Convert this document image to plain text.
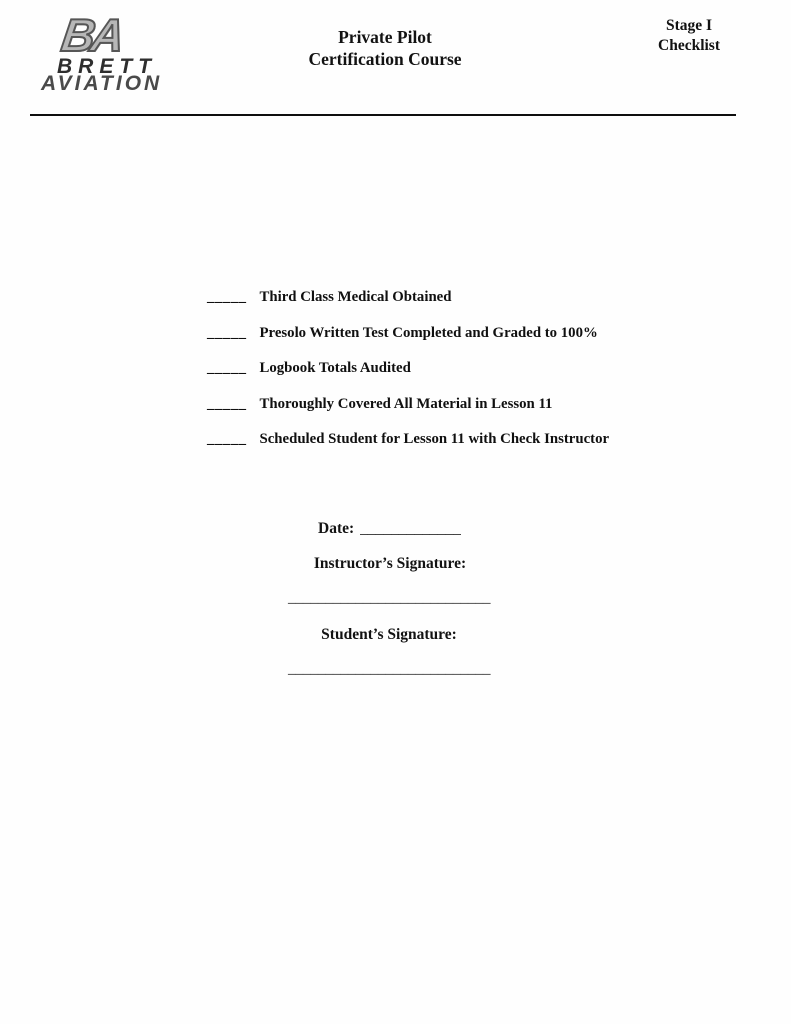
BA
BRETT
AVIATION
Private Pilot
Certification Course
Stage I
Checklist
_____ Third Class Medical Obtained
_____ Presolo Written Test Completed and Graded to 100%
_____ Logbook Totals Audited
_____ Thoroughly Covered All Material in Lesson 11
_____ Scheduled Student for Lesson 11 with Check Instructor
Date: _____________
Instructor’s Signature:
___________________________
Student’s Signature:
___________________________
